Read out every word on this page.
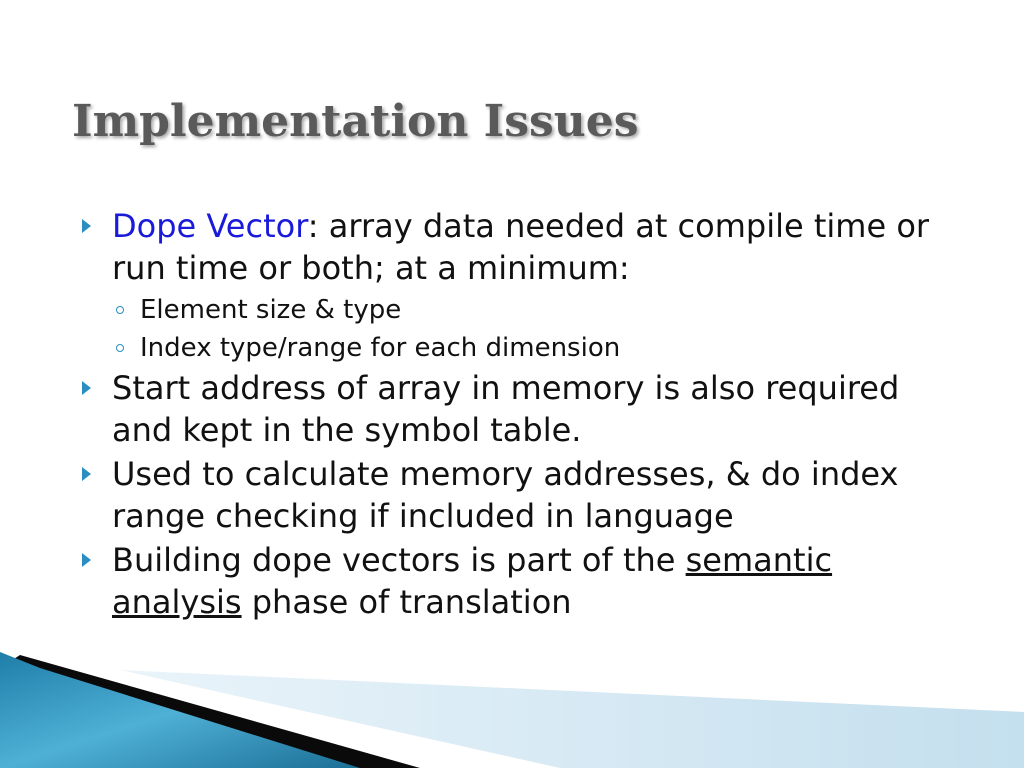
Implementation Issues
Dope Vector: array data needed at compile time or run time or both; at a minimum:
Element size & type
Index type/range for each dimension
Start address of array in memory is also required and kept in the symbol table.
Used to calculate memory addresses, & do index range checking if included in language
Building dope vectors is part of the semantic analysis phase of translation
